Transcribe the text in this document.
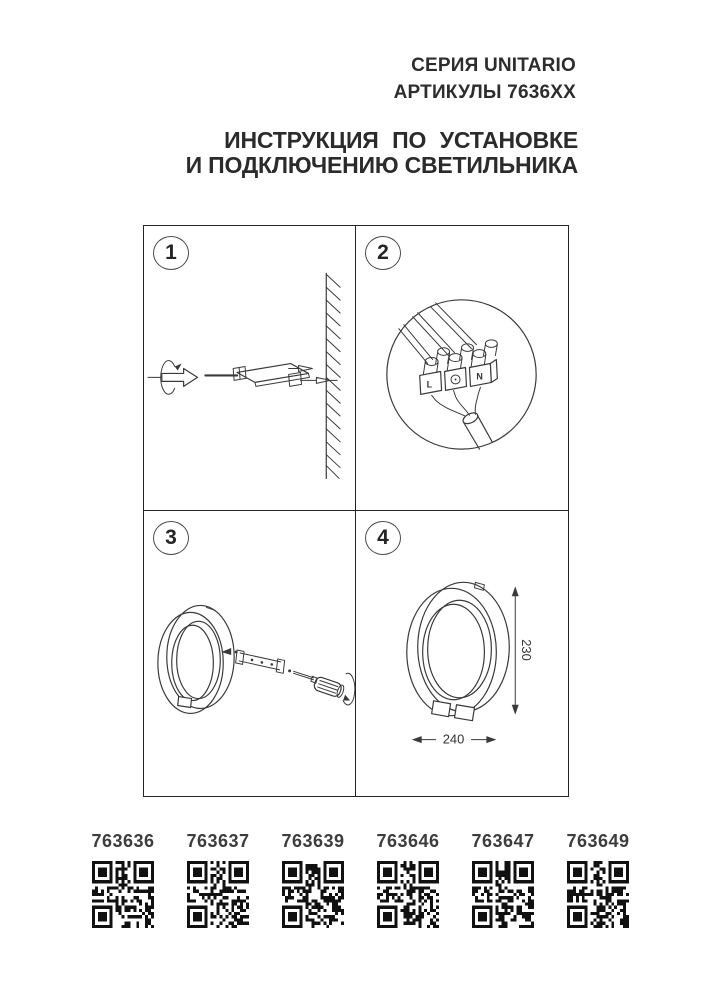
СЕРИЯ UNITARIO
АРТИКУЛЫ 7636XX
ИНСТРУКЦИЯ ПО УСТАНОВКЕ
И ПОДКЛЮЧЕНИЮ СВЕТИЛЬНИКА
1
L
N
2
3
230
240
4
763636 763637 763639 763646 763647 763649
